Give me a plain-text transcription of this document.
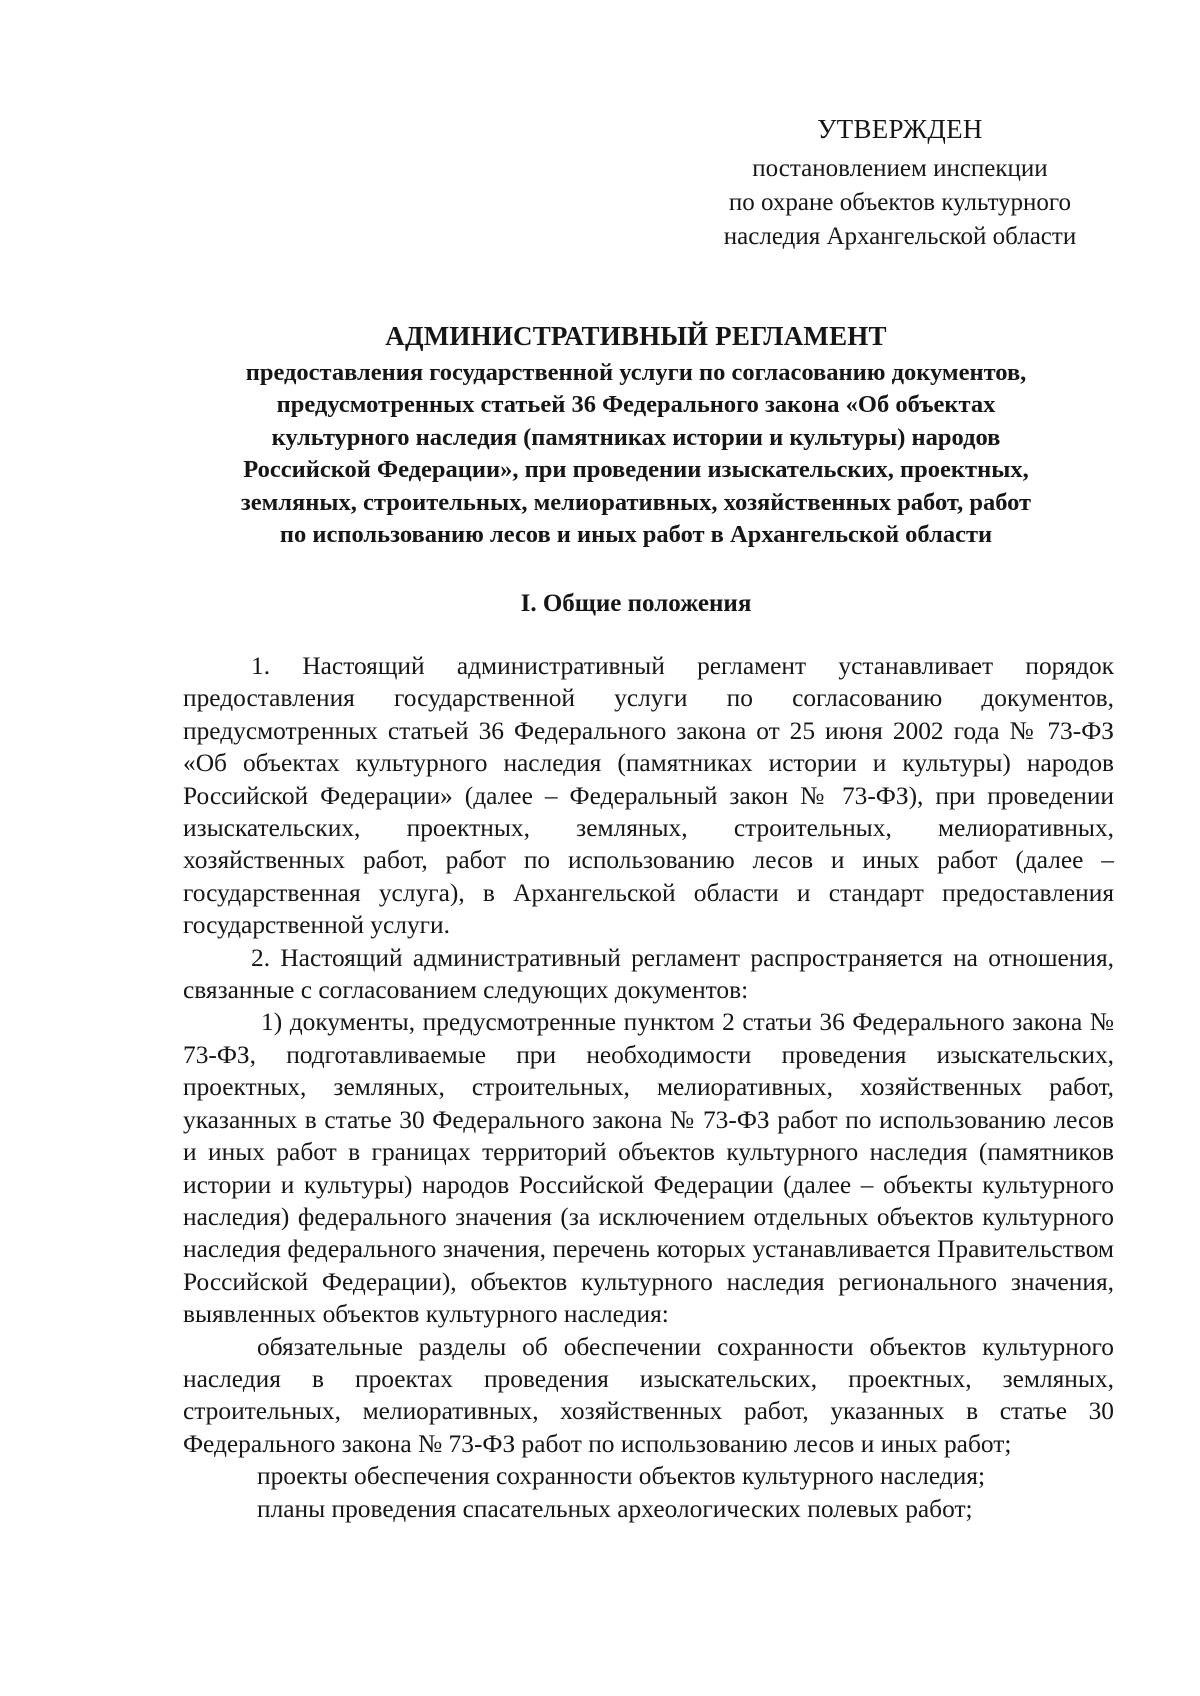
УТВЕРЖДЕН
постановлением инспекции
по охране объектов культурного
наследия Архангельской области
АДМИНИСТРАТИВНЫЙ РЕГЛАМЕНТ
предоставления государственной услуги по согласованию документов,
предусмотренных статьей 36 Федерального закона «Об объектах
культурного наследия (памятниках истории и культуры) народов
Российской Федерации», при проведении изыскательских, проектных,
земляных, строительных, мелиоративных, хозяйственных работ, работ
по использованию лесов и иных работ в Архангельской области
I. Общие положения

1. Настоящий административный регламент устанавливает порядок предоставления государственной услуги по согласованию документов, предусмотренных статьей 36 Федерального закона от 25 июня 2002 года № 73-ФЗ «Об объектах культурного наследия (памятниках истории и культуры) народов Российской Федерации» (далее – Федеральный закон № 73-ФЗ), при проведении изыскательских, проектных, земляных, строительных, мелиоративных, хозяйственных работ, работ по использованию лесов и иных работ (далее – государственная услуга), в Архангельской области и стандарт предоставления государственной услуги.

2. Настоящий административный регламент распространяется на отношения, связанные с согласованием следующих документов:

1) документы, предусмотренные пунктом 2 статьи 36 Федерального закона № 73-ФЗ, подготавливаемые при необходимости проведения изыскательских, проектных, земляных, строительных, мелиоративных, хозяйственных работ, указанных в статье 30 Федерального закона № 73-ФЗ работ по использованию лесов и иных работ в границах территорий объектов культурного наследия (памятников истории и культуры) народов Российской Федерации (далее – объекты культурного наследия) федерального значения (за исключением отдельных объектов культурного наследия федерального значения, перечень которых устанавливается Правительством Российской Федерации), объектов культурного наследия регионального значения, выявленных объектов культурного наследия:

обязательные разделы об обеспечении сохранности объектов культурного наследия в проектах проведения изыскательских, проектных, земляных, строительных, мелиоративных, хозяйственных работ, указанных в статье 30 Федерального закона № 73-ФЗ работ по использованию лесов и иных работ;

проекты обеспечения сохранности объектов культурного наследия;

планы проведения спасательных археологических полевых работ;
